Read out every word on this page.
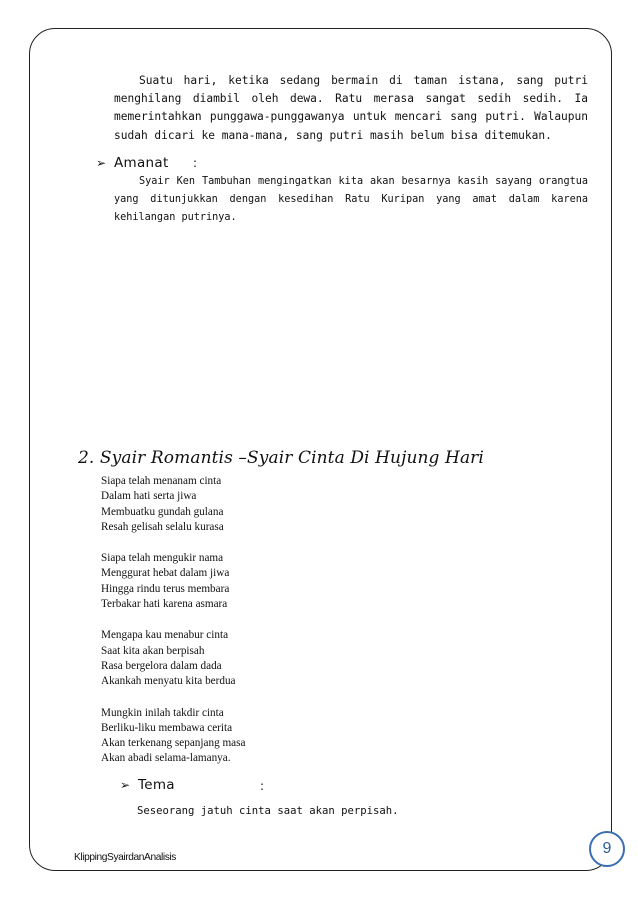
Suatu hari, ketika sedang bermain di taman istana, sang putri menghilang diambil oleh dewa. Ratu merasa sangat sedih sedih. Ia memerintahkan punggawa-punggawanya untuk mencari sang putri. Walaupun sudah dicari ke mana-mana, sang putri masih belum bisa ditemukan.

➢ Amanat :

Syair Ken Tambuhan mengingatkan kita akan besarnya kasih sayang orangtua yang ditunjukkan dengan kesedihan Ratu Kuripan yang amat dalam karena kehilangan putrinya.

2. Syair Romantis –Syair Cinta Di Hujung Hari
Siapa telah menanam cinta
Dalam hati serta jiwa
Membuatku gundah gulana
Resah gelisah selalu kurasa
Siapa telah mengukir nama
Menggurat hebat dalam jiwa
Hingga rindu terus membara
Terbakar hati karena asmara
Mengapa kau menabur cinta
Saat kita akan berpisah
Rasa bergelora dalam dada
Akankah menyatu kita berdua
Mungkin inilah takdir cinta
Berliku-liku membawa cerita
Akan terkenang sepanjang masa
Akan abadi selama-lamanya.
➢ Tema	:

Seseorang jatuh cinta saat akan perpisah.

KlippingSyairdanAnalisis
9
